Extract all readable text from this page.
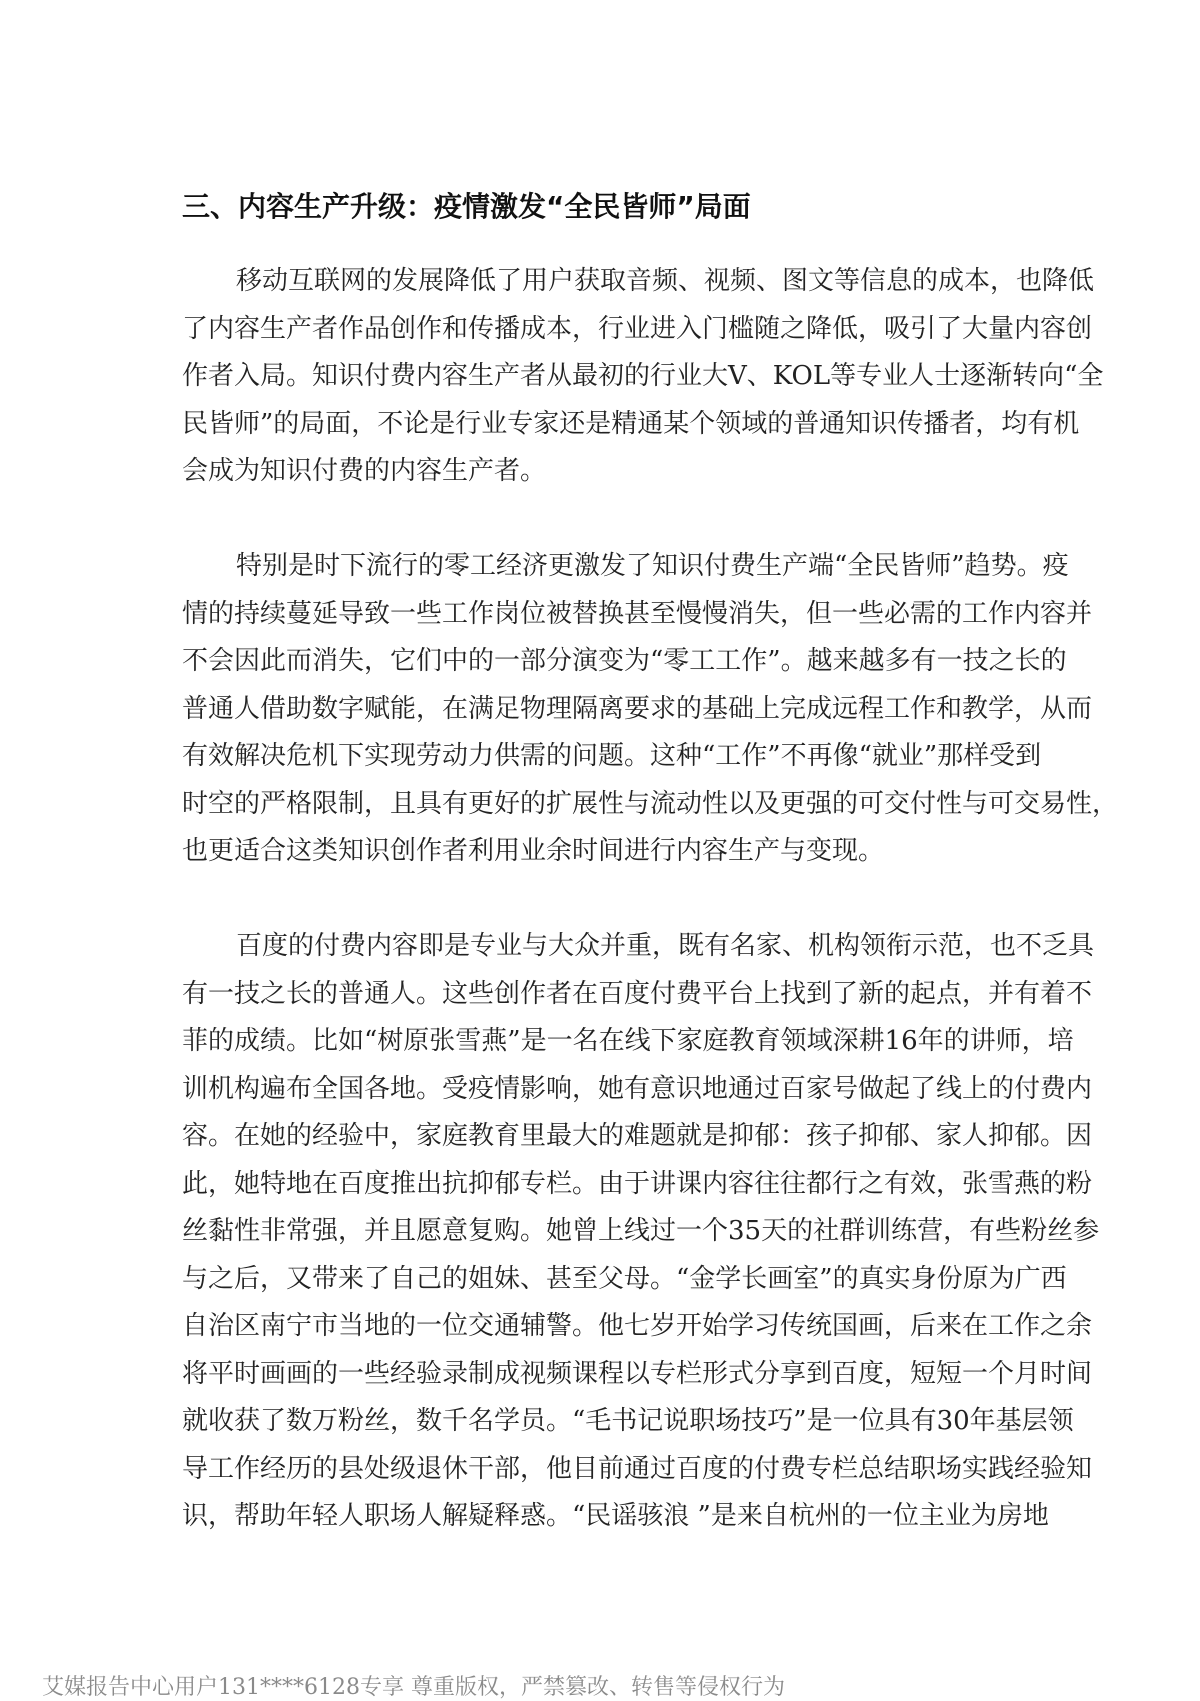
三、内容生产升级：疫情激发“全民皆师”局面

移动互联网的发展降低了用户获取音频、视频、图文等信息的成本，也降低
了内容生产者作品创作和传播成本，行业进入门槛随之降低，吸引了大量内容创
作者入局。知识付费内容生产者从最初的行业大V、KOL等专业人士逐渐转向“全
民皆师”的局面，不论是行业专家还是精通某个领域的普通知识传播者，均有机
会成为知识付费的内容生产者。

特别是时下流行的零工经济更激发了知识付费生产端“全民皆师”趋势。疫
情的持续蔓延导致一些工作岗位被替换甚至慢慢消失，但一些必需的工作内容并
不会因此而消失，它们中的一部分演变为“零工工作”。越来越多有一技之长的
普通人借助数字赋能，在满足物理隔离要求的基础上完成远程工作和教学，从而
有效解决危机下实现劳动力供需的问题。这种“工作”不再像“就业”那样受到
时空的严格限制，且具有更好的扩展性与流动性以及更强的可交付性与可交易性，
也更适合这类知识创作者利用业余时间进行内容生产与变现。

百度的付费内容即是专业与大众并重，既有名家、机构领衔示范，也不乏具
有一技之长的普通人。这些创作者在百度付费平台上找到了新的起点，并有着不
菲的成绩。比如“树原张雪燕”是一名在线下家庭教育领域深耕16年的讲师，培
训机构遍布全国各地。受疫情影响，她有意识地通过百家号做起了线上的付费内
容。在她的经验中，家庭教育里最大的难题就是抑郁：孩子抑郁、家人抑郁。因
此，她特地在百度推出抗抑郁专栏。由于讲课内容往往都行之有效，张雪燕的粉
丝黏性非常强，并且愿意复购。她曾上线过一个35天的社群训练营，有些粉丝参
与之后，又带来了自己的姐妹、甚至父母。“金学长画室”的真实身份原为广西
自治区南宁市当地的一位交通辅警。他七岁开始学习传统国画，后来在工作之余
将平时画画的一些经验录制成视频课程以专栏形式分享到百度，短短一个月时间
就收获了数万粉丝，数千名学员。“毛书记说职场技巧”是一位具有30年基层领
导工作经历的县处级退休干部，他目前通过百度的付费专栏总结职场实践经验知
识，帮助年轻人职场人解疑释惑。“民谣骇浪 ”是来自杭州的一位主业为房地

艾媒报告中心用户131****6128专享 尊重版权，严禁篡改、转售等侵权行为
